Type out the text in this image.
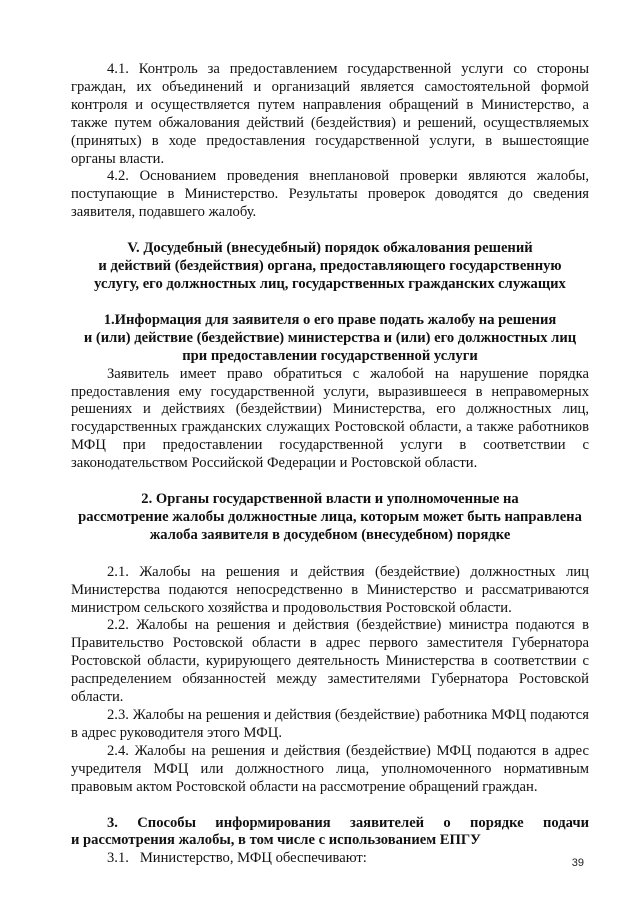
4.1. Контроль за предоставлением государственной услуги со стороны граждан, их объединений и организаций является самостоятельной формой контроля и осуществляется путем направления обращений в Министерство, а также путем обжалования действий (бездействия) и решений, осуществляемых (принятых) в ходе предоставления государственной услуги, в вышестоящие органы власти.

4.2. Основанием проведения внеплановой проверки являются жалобы, поступающие в Министерство. Результаты проверок доводятся до сведения заявителя, подавшего жалобу.

V. Досудебный (внесудебный) порядок обжалования решений
и действий (бездействия) органа, предоставляющего государственную
услугу, его должностных лиц, государственных гражданских служащих
1.Информация для заявителя о его праве подать жалобу на решения
и (или) действие (бездействие) министерства и (или) его должностных лиц
при предоставлении государственной услуги

Заявитель имеет право обратиться с жалобой на нарушение порядка предоставления ему государственной услуги, выразившееся в неправомерных решениях и действиях (бездействии) Министерства, его должностных лиц, государственных гражданских служащих Ростовской области, а также работников МФЦ при предоставлении государственной услуги в соответствии с законодательством Российской Федерации и Ростовской области.

2. Органы государственной власти и уполномоченные на
рассмотрение жалобы должностные лица, которым может быть направлена
жалоба заявителя в досудебном (внесудебном) порядке

2.1. Жалобы на решения и действия (бездействие) должностных лиц Министерства подаются непосредственно в Министерство и рассматриваются министром сельского хозяйства и продовольствия Ростовской области.

2.2. Жалобы на решения и действия (бездействие) министра подаются в Правительство Ростовской области в адрес первого заместителя Губернатора Ростовской области, курирующего деятельность Министерства в соответствии с распределением обязанностей между заместителями Губернатора Ростовской области.

2.3. Жалобы на решения и действия (бездействие) работника МФЦ подаются в адрес руководителя этого МФЦ.

2.4. Жалобы на решения и действия (бездействие) МФЦ подаются в адрес учредителя МФЦ или должностного лица, уполномоченного нормативным правовым актом Ростовской области на рассмотрение обращений граждан.

3. Способы информирования заявителей о порядке подачи
и рассмотрения жалобы, в том числе с использованием ЕПГУ

3.1.   Министерство, МФЦ обеспечивают:	39
